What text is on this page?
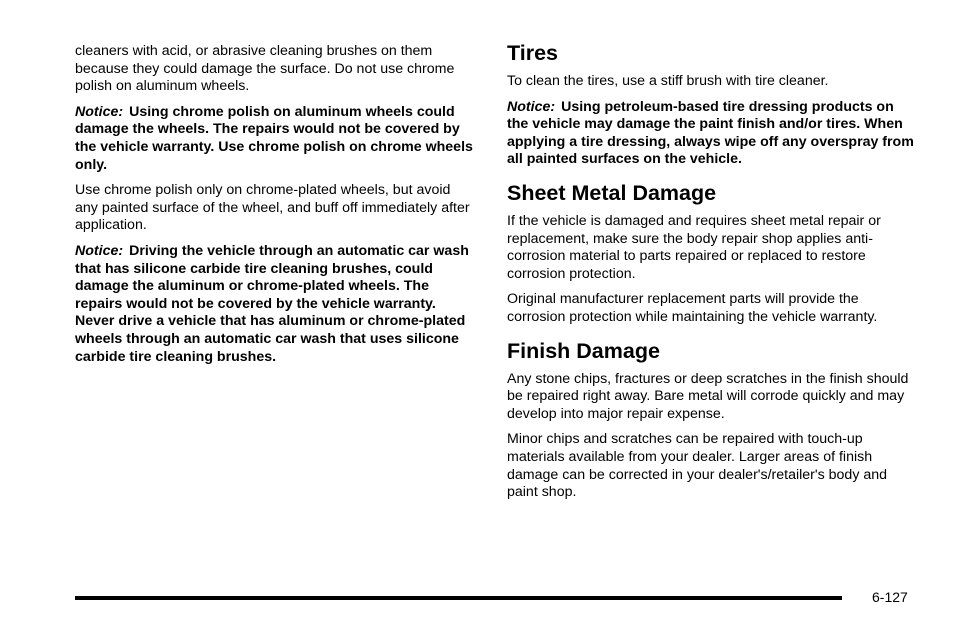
cleaners with acid, or abrasive cleaning brushes on them because they could damage the surface. Do not use chrome polish on aluminum wheels.

Notice: Using chrome polish on aluminum wheels could damage the wheels. The repairs would not be covered by the vehicle warranty. Use chrome polish on chrome wheels only.

Use chrome polish only on chrome-plated wheels, but avoid any painted surface of the wheel, and buff off immediately after application.

Notice: Driving the vehicle through an automatic car wash that has silicone carbide tire cleaning brushes, could damage the aluminum or chrome-plated wheels. The repairs would not be covered by the vehicle warranty. Never drive a vehicle that has aluminum or chrome-plated wheels through an automatic car wash that uses silicone carbide tire cleaning brushes.

Tires

To clean the tires, use a stiff brush with tire cleaner.

Notice: Using petroleum-based tire dressing products on the vehicle may damage the paint finish and/or tires. When applying a tire dressing, always wipe off any overspray from all painted surfaces on the vehicle.

Sheet Metal Damage

If the vehicle is damaged and requires sheet metal repair or replacement, make sure the body repair shop applies anti-corrosion material to parts repaired or replaced to restore corrosion protection.

Original manufacturer replacement parts will provide the corrosion protection while maintaining the vehicle warranty.

Finish Damage

Any stone chips, fractures or deep scratches in the finish should be repaired right away. Bare metal will corrode quickly and may develop into major repair expense.

Minor chips and scratches can be repaired with touch-up materials available from your dealer. Larger areas of finish damage can be corrected in your dealer's/retailer's body and paint shop.

6-127
